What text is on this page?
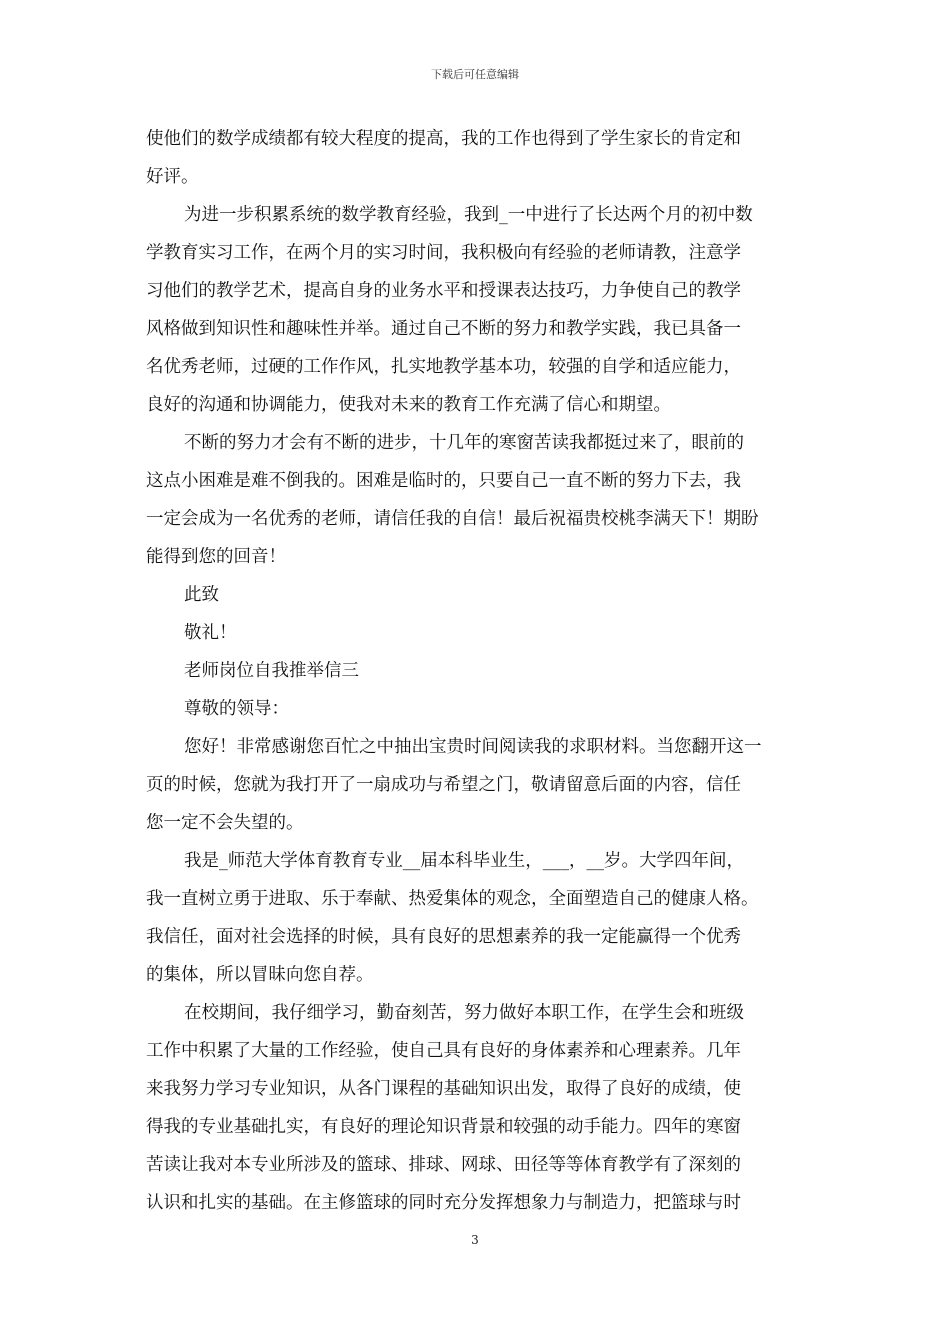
下载后可任意编辑
使他们的数学成绩都有较大程度的提高，我的工作也得到了学生家长的肯定和
好评。
为进一步积累系统的数学教育经验，我到_一中进行了长达两个月的初中数
学教育实习工作，在两个月的实习时间，我积极向有经验的老师请教，注意学
习他们的教学艺术，提高自身的业务水平和授课表达技巧，力争使自己的教学
风格做到知识性和趣味性并举。通过自己不断的努力和教学实践，我已具备一
名优秀老师，过硬的工作作风，扎实地教学基本功，较强的自学和适应能力，
良好的沟通和协调能力，使我对未来的教育工作充满了信心和期望。
不断的努力才会有不断的进步，十几年的寒窗苦读我都挺过来了，眼前的
这点小困难是难不倒我的。困难是临时的，只要自己一直不断的努力下去，我
一定会成为一名优秀的老师，请信任我的自信！最后祝福贵校桃李满天下！期盼
能得到您的回音！
此致
敬礼！
老师岗位自我推举信三
尊敬的领导：
您好！非常感谢您百忙之中抽出宝贵时间阅读我的求职材料。当您翻开这一
页的时候，您就为我打开了一扇成功与希望之门，敬请留意后面的内容，信任
您一定不会失望的。
我是_师范大学体育教育专业__届本科毕业生，___，__岁。大学四年间，
我一直树立勇于进取、乐于奉献、热爱集体的观念，全面塑造自己的健康人格。
我信任，面对社会选择的时候，具有良好的思想素养的我一定能赢得一个优秀
的集体，所以冒昧向您自荐。
在校期间，我仔细学习，勤奋刻苦，努力做好本职工作，在学生会和班级
工作中积累了大量的工作经验，使自己具有良好的身体素养和心理素养。几年
来我努力学习专业知识，从各门课程的基础知识出发，取得了良好的成绩，使
得我的专业基础扎实，有良好的理论知识背景和较强的动手能力。四年的寒窗
苦读让我对本专业所涉及的篮球、排球、网球、田径等等体育教学有了深刻的
认识和扎实的基础。在主修篮球的同时充分发挥想象力与制造力，把篮球与时
3
